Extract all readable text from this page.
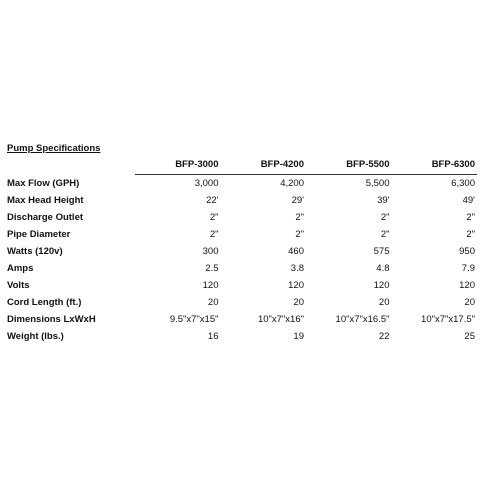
Pump Specifications
	BFP-3000	BFP-4200	BFP-5500	BFP-6300
Max Flow (GPH)	3,000	4,200	5,500	6,300
Max Head Height	22'	29'	39'	49'
Discharge Outlet	2"	2"	2"	2"
Pipe Diameter	2"	2"	2"	2"
Watts (120v)	300	460	575	950
Amps	2.5	3.8	4.8	7.9
Volts	120	120	120	120
Cord Length (ft.)	20	20	20	20
Dimensions LxWxH	9.5"x7"x15"	10"x7"x16"	10"x7"x16.5"	10"x7"x17.5"
Weight (lbs.)	16	19	22	25
